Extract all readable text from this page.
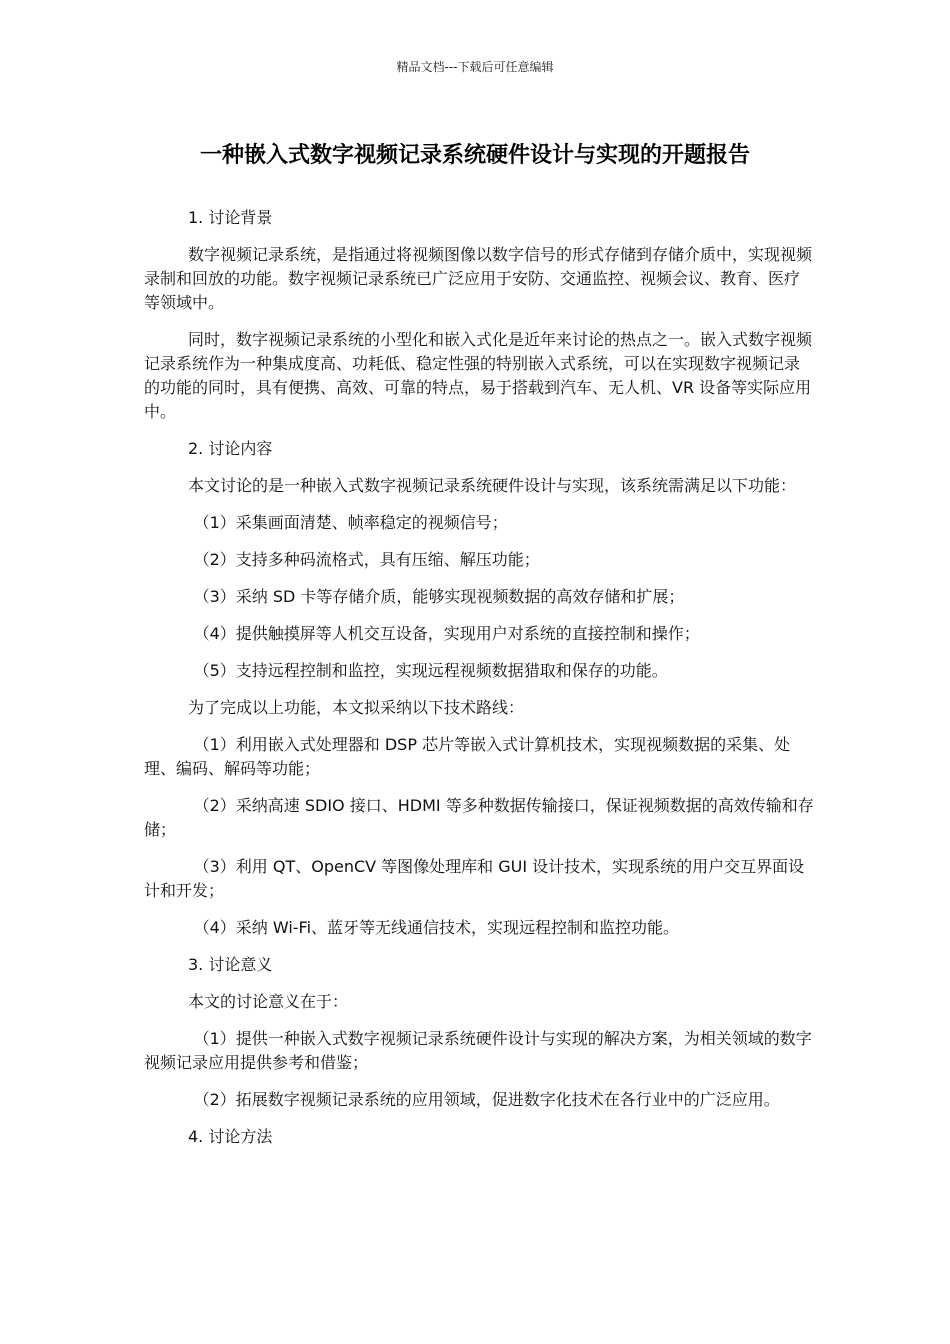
精品文档---下载后可任意编辑
一种嵌入式数字视频记录系统硬件设计与实现的开题报告
1. 讨论背景
数字视频记录系统，是指通过将视频图像以数字信号的形式存储到存储介质中，实现视频录制和回放的功能。数字视频记录系统已广泛应用于安防、交通监控、视频会议、教育、医疗等领域中。
同时，数字视频记录系统的小型化和嵌入式化是近年来讨论的热点之一。嵌入式数字视频记录系统作为一种集成度高、功耗低、稳定性强的特别嵌入式系统，可以在实现数字视频记录的功能的同时，具有便携、高效、可靠的特点，易于搭载到汽车、无人机、VR 设备等实际应用中。
2. 讨论内容
本文讨论的是一种嵌入式数字视频记录系统硬件设计与实现，该系统需满足以下功能：
（1）采集画面清楚、帧率稳定的视频信号；
（2）支持多种码流格式，具有压缩、解压功能；
（3）采纳 SD 卡等存储介质，能够实现视频数据的高效存储和扩展；
（4）提供触摸屏等人机交互设备，实现用户对系统的直接控制和操作；
（5）支持远程控制和监控，实现远程视频数据猎取和保存的功能。
为了完成以上功能，本文拟采纳以下技术路线：
（1）利用嵌入式处理器和 DSP 芯片等嵌入式计算机技术，实现视频数据的采集、处理、编码、解码等功能；
（2）采纳高速 SDIO 接口、HDMI 等多种数据传输接口，保证视频数据的高效传输和存储；
（3）利用 QT、OpenCV 等图像处理库和 GUI 设计技术，实现系统的用户交互界面设计和开发；
（4）采纳 Wi-Fi、蓝牙等无线通信技术，实现远程控制和监控功能。
3. 讨论意义
本文的讨论意义在于：
（1）提供一种嵌入式数字视频记录系统硬件设计与实现的解决方案，为相关领域的数字视频记录应用提供参考和借鉴；
（2）拓展数字视频记录系统的应用领域，促进数字化技术在各行业中的广泛应用。
4. 讨论方法
